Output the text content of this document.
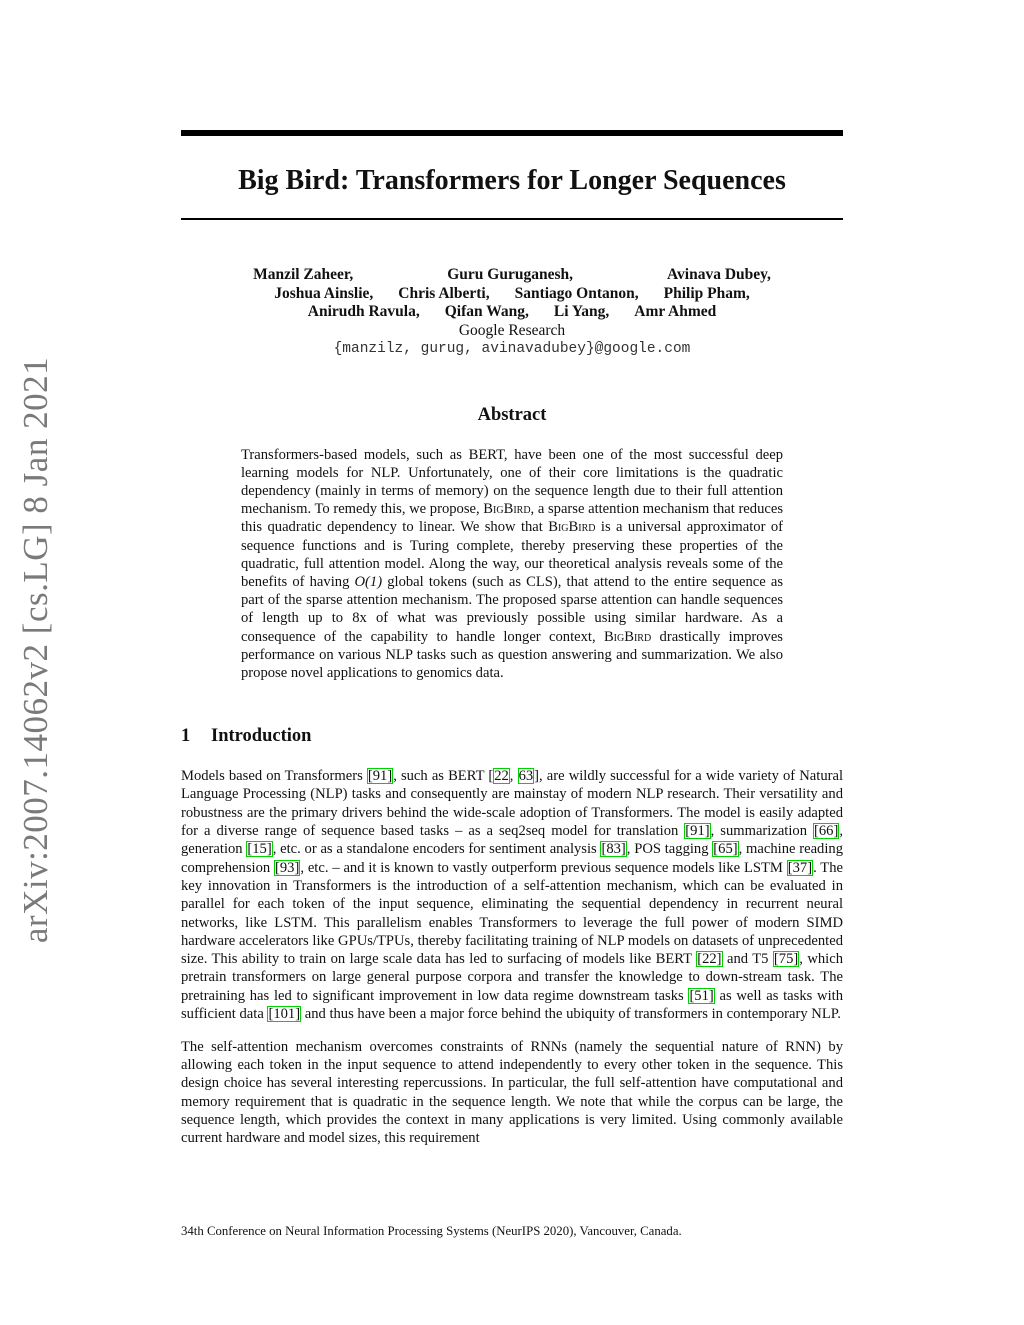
arXiv:2007.14062v2 [cs.LG] 8 Jan 2021
Big Bird: Transformers for Longer Sequences
Manzil Zaheer,	Guru Guruganesh,	Avinava Dubey,
Joshua Ainslie, Chris Alberti, Santiago Ontanon, Philip Pham,
Anirudh Ravula, Qifan Wang, Li Yang, Amr Ahmed
Google Research
{manzilz, gurug, avinavadubey}@google.com
Abstract
Transformers-based models, such as BERT, have been one of the most successful deep learning models for NLP. Unfortunately, one of their core limitations is the quadratic dependency (mainly in terms of memory) on the sequence length due to their full attention mechanism. To remedy this, we propose, BigBird, a sparse attention mechanism that reduces this quadratic dependency to linear. We show that BigBird is a universal approximator of sequence functions and is Turing complete, thereby preserving these properties of the quadratic, full attention model. Along the way, our theoretical analysis reveals some of the benefits of having O(1) global tokens (such as CLS), that attend to the entire sequence as part of the sparse attention mechanism. The proposed sparse attention can handle sequences of length up to 8x of what was previously possible using similar hardware. As a consequence of the capability to handle longer context, BigBird drastically improves performance on various NLP tasks such as question answering and summarization. We also propose novel applications to genomics data.
1 Introduction

Models based on Transformers [91], such as BERT [22, 63], are wildly successful for a wide variety of Natural Language Processing (NLP) tasks and consequently are mainstay of modern NLP research. Their versatility and robustness are the primary drivers behind the wide-scale adoption of Transformers. The model is easily adapted for a diverse range of sequence based tasks – as a seq2seq model for translation [91], summarization [66], generation [15], etc. or as a standalone encoders for sentiment analysis [83], POS tagging [65], machine reading comprehension [93], etc. – and it is known to vastly outperform previous sequence models like LSTM [37]. The key innovation in Transformers is the introduction of a self-attention mechanism, which can be evaluated in parallel for each token of the input sequence, eliminating the sequential dependency in recurrent neural networks, like LSTM. This parallelism enables Transformers to leverage the full power of modern SIMD hardware accelerators like GPUs/TPUs, thereby facilitating training of NLP models on datasets of unprecedented size. This ability to train on large scale data has led to surfacing of models like BERT [22] and T5 [75], which pretrain transformers on large general purpose corpora and transfer the knowledge to down-stream task. The pretraining has led to significant improvement in low data regime downstream tasks [51] as well as tasks with sufficient data [101] and thus have been a major force behind the ubiquity of transformers in contemporary NLP.

The self-attention mechanism overcomes constraints of RNNs (namely the sequential nature of RNN) by allowing each token in the input sequence to attend independently to every other token in the sequence. This design choice has several interesting repercussions. In particular, the full self-attention have computational and memory requirement that is quadratic in the sequence length. We note that while the corpus can be large, the sequence length, which provides the context in many applications is very limited. Using commonly available current hardware and model sizes, this requirement

34th Conference on Neural Information Processing Systems (NeurIPS 2020), Vancouver, Canada.
